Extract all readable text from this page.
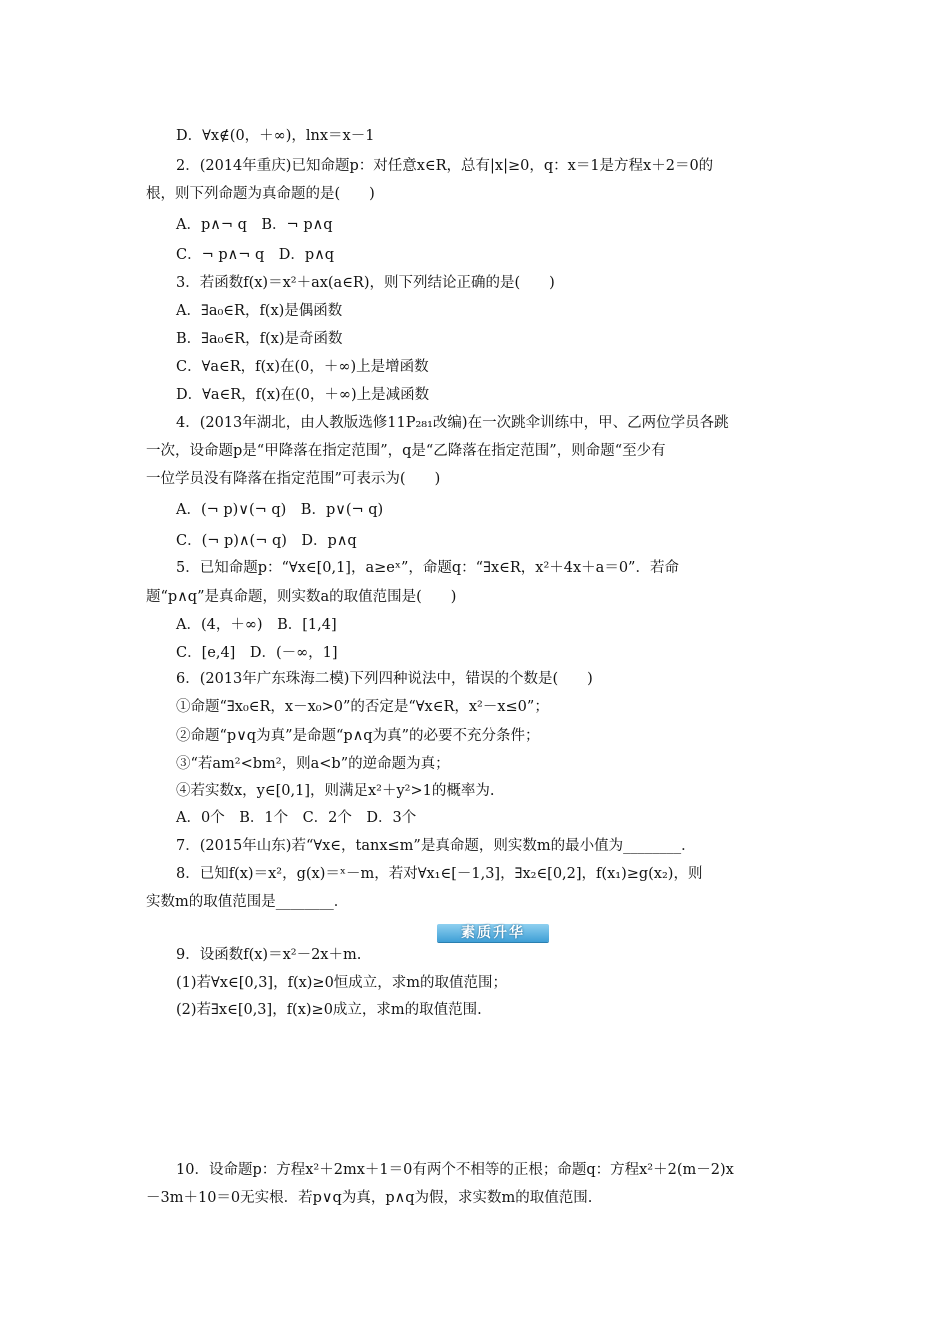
D．∀x∉(0，＋∞)，lnx＝x－1
2．(2014年重庆)已知命题p：对任意x∈R，总有|x|≥0，q：x＝1是方程x＋2＝0的
根，则下列命题为真命题的是(　　)
A．p∧¬ q　B．¬ p∧q
C．¬ p∧¬ q　D．p∧q
3．若函数f(x)＝x²＋ax(a∈R)，则下列结论正确的是(　　)
A．∃a₀∈R，f(x)是偶函数
B．∃a₀∈R，f(x)是奇函数
C．∀a∈R，f(x)在(0，＋∞)上是增函数
D．∀a∈R，f(x)在(0，＋∞)上是减函数
4．(2013年湖北，由人教版选修11P₂₈₁改编)在一次跳伞训练中，甲、乙两位学员各跳
一次，设命题p是“甲降落在指定范围”，q是“乙降落在指定范围”，则命题“至少有
一位学员没有降落在指定范围”可表示为(　　)
A．(¬ p)∨(¬ q)　B．p∨(¬ q)
C．(¬ p)∧(¬ q)　D．p∧q
5．已知命题p：“∀x∈[0,1]，a≥eˣ”，命题q：“∃x∈R，x²＋4x＋a＝0”．若命
题“p∧q”是真命题，则实数a的取值范围是(　　)
A．(4，＋∞)　B．[1,4]
C．[e,4]　D．(－∞，1]
6．(2013年广东珠海二模)下列四种说法中，错误的个数是(　　)
①命题“∃x₀∈R，x－x₀>0”的否定是“∀x∈R，x²－x≤0”；
②命题“p∨q为真”是命题“p∧q为真”的必要不充分条件；
③“若am²<bm²，则a<b”的逆命题为真；
④若实数x，y∈[0,1]，则满足x²＋y²>1的概率为.
A．0个　B．1个　C．2个　D．3个
7．(2015年山东)若“∀x∈，tanx≤m”是真命题，则实数m的最小值为________．
8．已知f(x)＝x²，g(x)＝ˣ－m，若对∀x₁∈[－1,3]，∃x₂∈[0,2]，f(x₁)≥g(x₂)，则
实数m的取值范围是________．
素质升华
9．设函数f(x)＝x²－2x＋m.
(1)若∀x∈[0,3]，f(x)≥0恒成立，求m的取值范围；
(2)若∃x∈[0,3]，f(x)≥0成立，求m的取值范围.
10．设命题p：方程x²＋2mx＋1＝0有两个不相等的正根；命题q：方程x²＋2(m－2)x
－3m＋10＝0无实根．若p∨q为真，p∧q为假，求实数m的取值范围.
